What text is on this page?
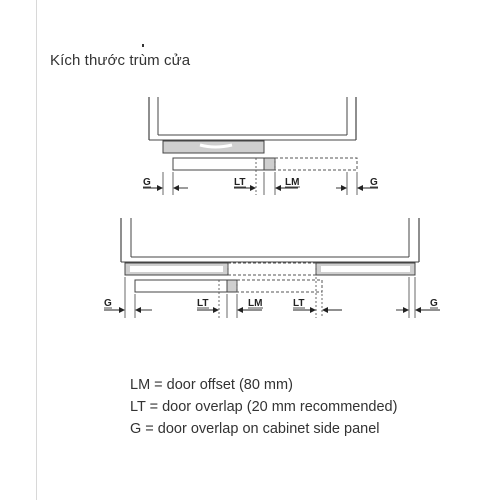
Kích thước trùm cửa
G	LT	LM	G
G	LT	LM	LT	G
LM = door offset (80 mm)
LT = door overlap (20 mm recommended)
G = door overlap on cabinet side panel
